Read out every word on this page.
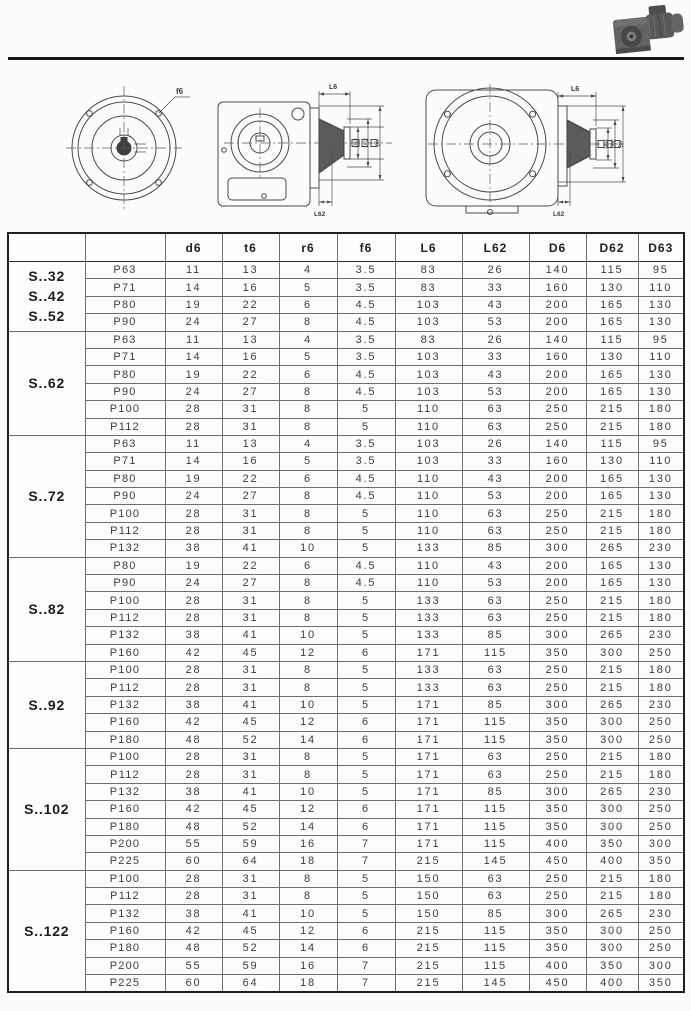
f6	L6
L62
D63 D62 D6
L6
L62
D63 D62 D6
		d6	t6	r6	f6	L6	L62	D6	D62	D63

S..32
S..42
S..52	P63	11	13	4	3.5	83	26	140	115	95
	P71	14	16	5	3.5	83	33	160	130	110
	P80	19	22	6	4.5	103	43	200	165	130
	P90	24	27	8	4.5	103	53	200	165	130

S..62	P63	11	13	4	3.5	83	26	140	115	95
	P71	14	16	5	3.5	103	33	160	130	110
	P80	19	22	6	4.5	103	43	200	165	130
	P90	24	27	8	4.5	103	53	200	165	130
	P100	28	31	8	5	110	63	250	215	180
	P112	28	31	8	5	110	63	250	215	180

S..72	P63	11	13	4	3.5	103	26	140	115	95
	P71	14	16	5	3.5	103	33	160	130	110
	P80	19	22	6	4.5	110	43	200	165	130
	P90	24	27	8	4.5	110	53	200	165	130
	P100	28	31	8	5	110	63	250	215	180
	P112	28	31	8	5	110	63	250	215	180
	P132	38	41	10	5	133	85	300	265	230

S..82	P80	19	22	6	4.5	110	43	200	165	130
	P90	24	27	8	4.5	110	53	200	165	130
	P100	28	31	8	5	133	63	250	215	180
	P112	28	31	8	5	133	63	250	215	180
	P132	38	41	10	5	133	85	300	265	230
	P160	42	45	12	6	171	115	350	300	250

S..92	P100	28	31	8	5	133	63	250	215	180
	P112	28	31	8	5	133	63	250	215	180
	P132	38	41	10	5	171	85	300	265	230
	P160	42	45	12	6	171	115	350	300	250
	P180	48	52	14	6	171	115	350	300	250

S..102	P100	28	31	8	5	171	63	250	215	180
	P112	28	31	8	5	171	63	250	215	180
	P132	38	41	10	5	171	85	300	265	230
	P160	42	45	12	6	171	115	350	300	250
	P180	48	52	14	6	171	115	350	300	250
	P200	55	59	16	7	171	115	400	350	300
	P225	60	64	18	7	215	145	450	400	350

S..122	P100	28	31	8	5	150	63	250	215	180
	P112	28	31	8	5	150	63	250	215	180
	P132	38	41	10	5	150	85	300	265	230
	P160	42	45	12	6	215	115	350	300	250
	P180	48	52	14	6	215	115	350	300	250
	P200	55	59	16	7	215	115	400	350	300
	P225	60	64	18	7	215	145	450	400	350
